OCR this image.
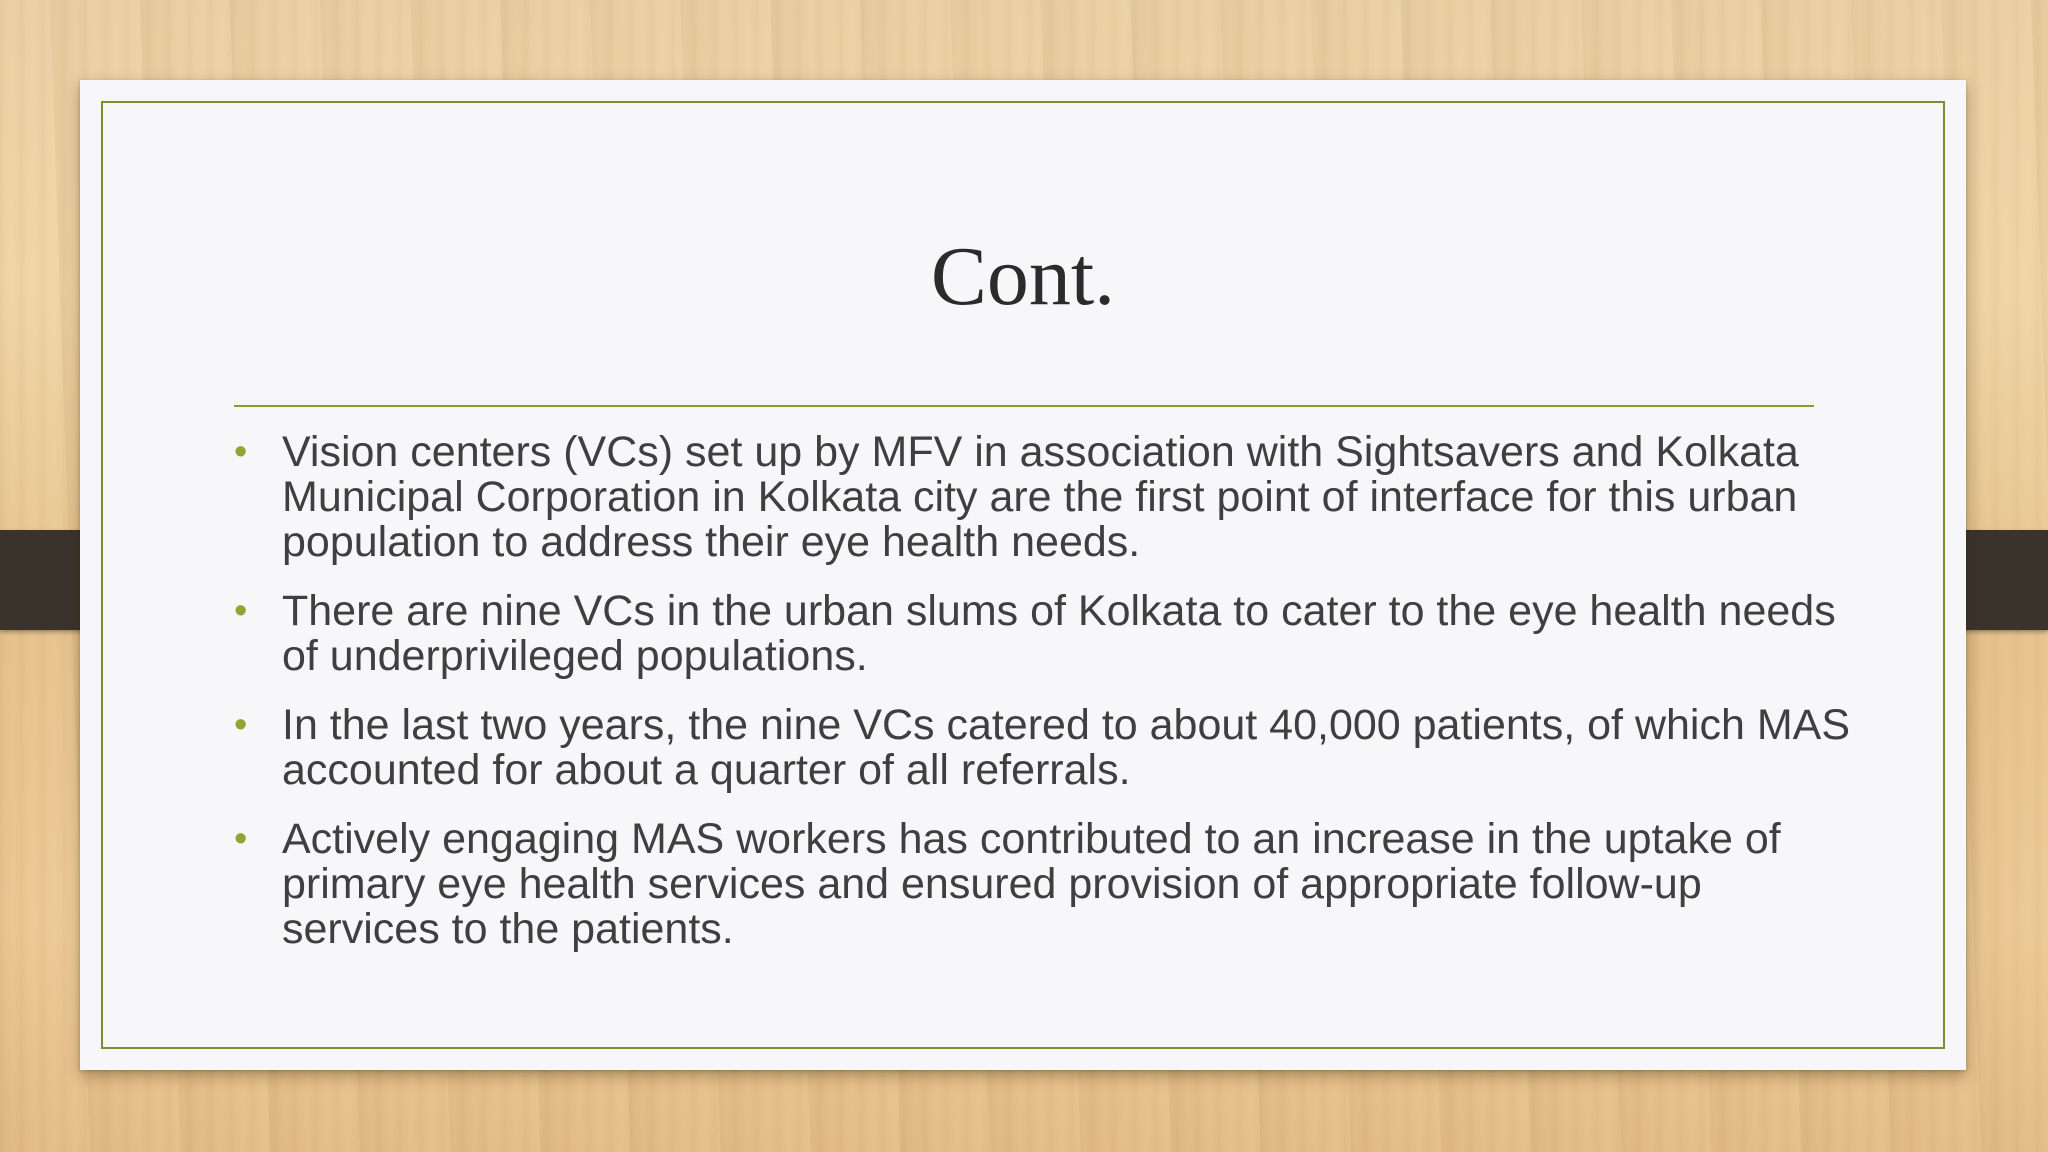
Cont.
• Vision centers (VCs) set up by MFV in association with Sightsavers and Kolkata Municipal Corporation in Kolkata city are the first point of interface for this urban population to address their eye health needs.
• There are nine VCs in the urban slums of Kolkata to cater to the eye health needs of underprivileged populations.
• In the last two years, the nine VCs catered to about 40,000 patients, of which MAS accounted for about a quarter of all referrals.
• Actively engaging MAS workers has contributed to an increase in the uptake of primary eye health services and ensured provision of appropriate follow-up services to the patients.
